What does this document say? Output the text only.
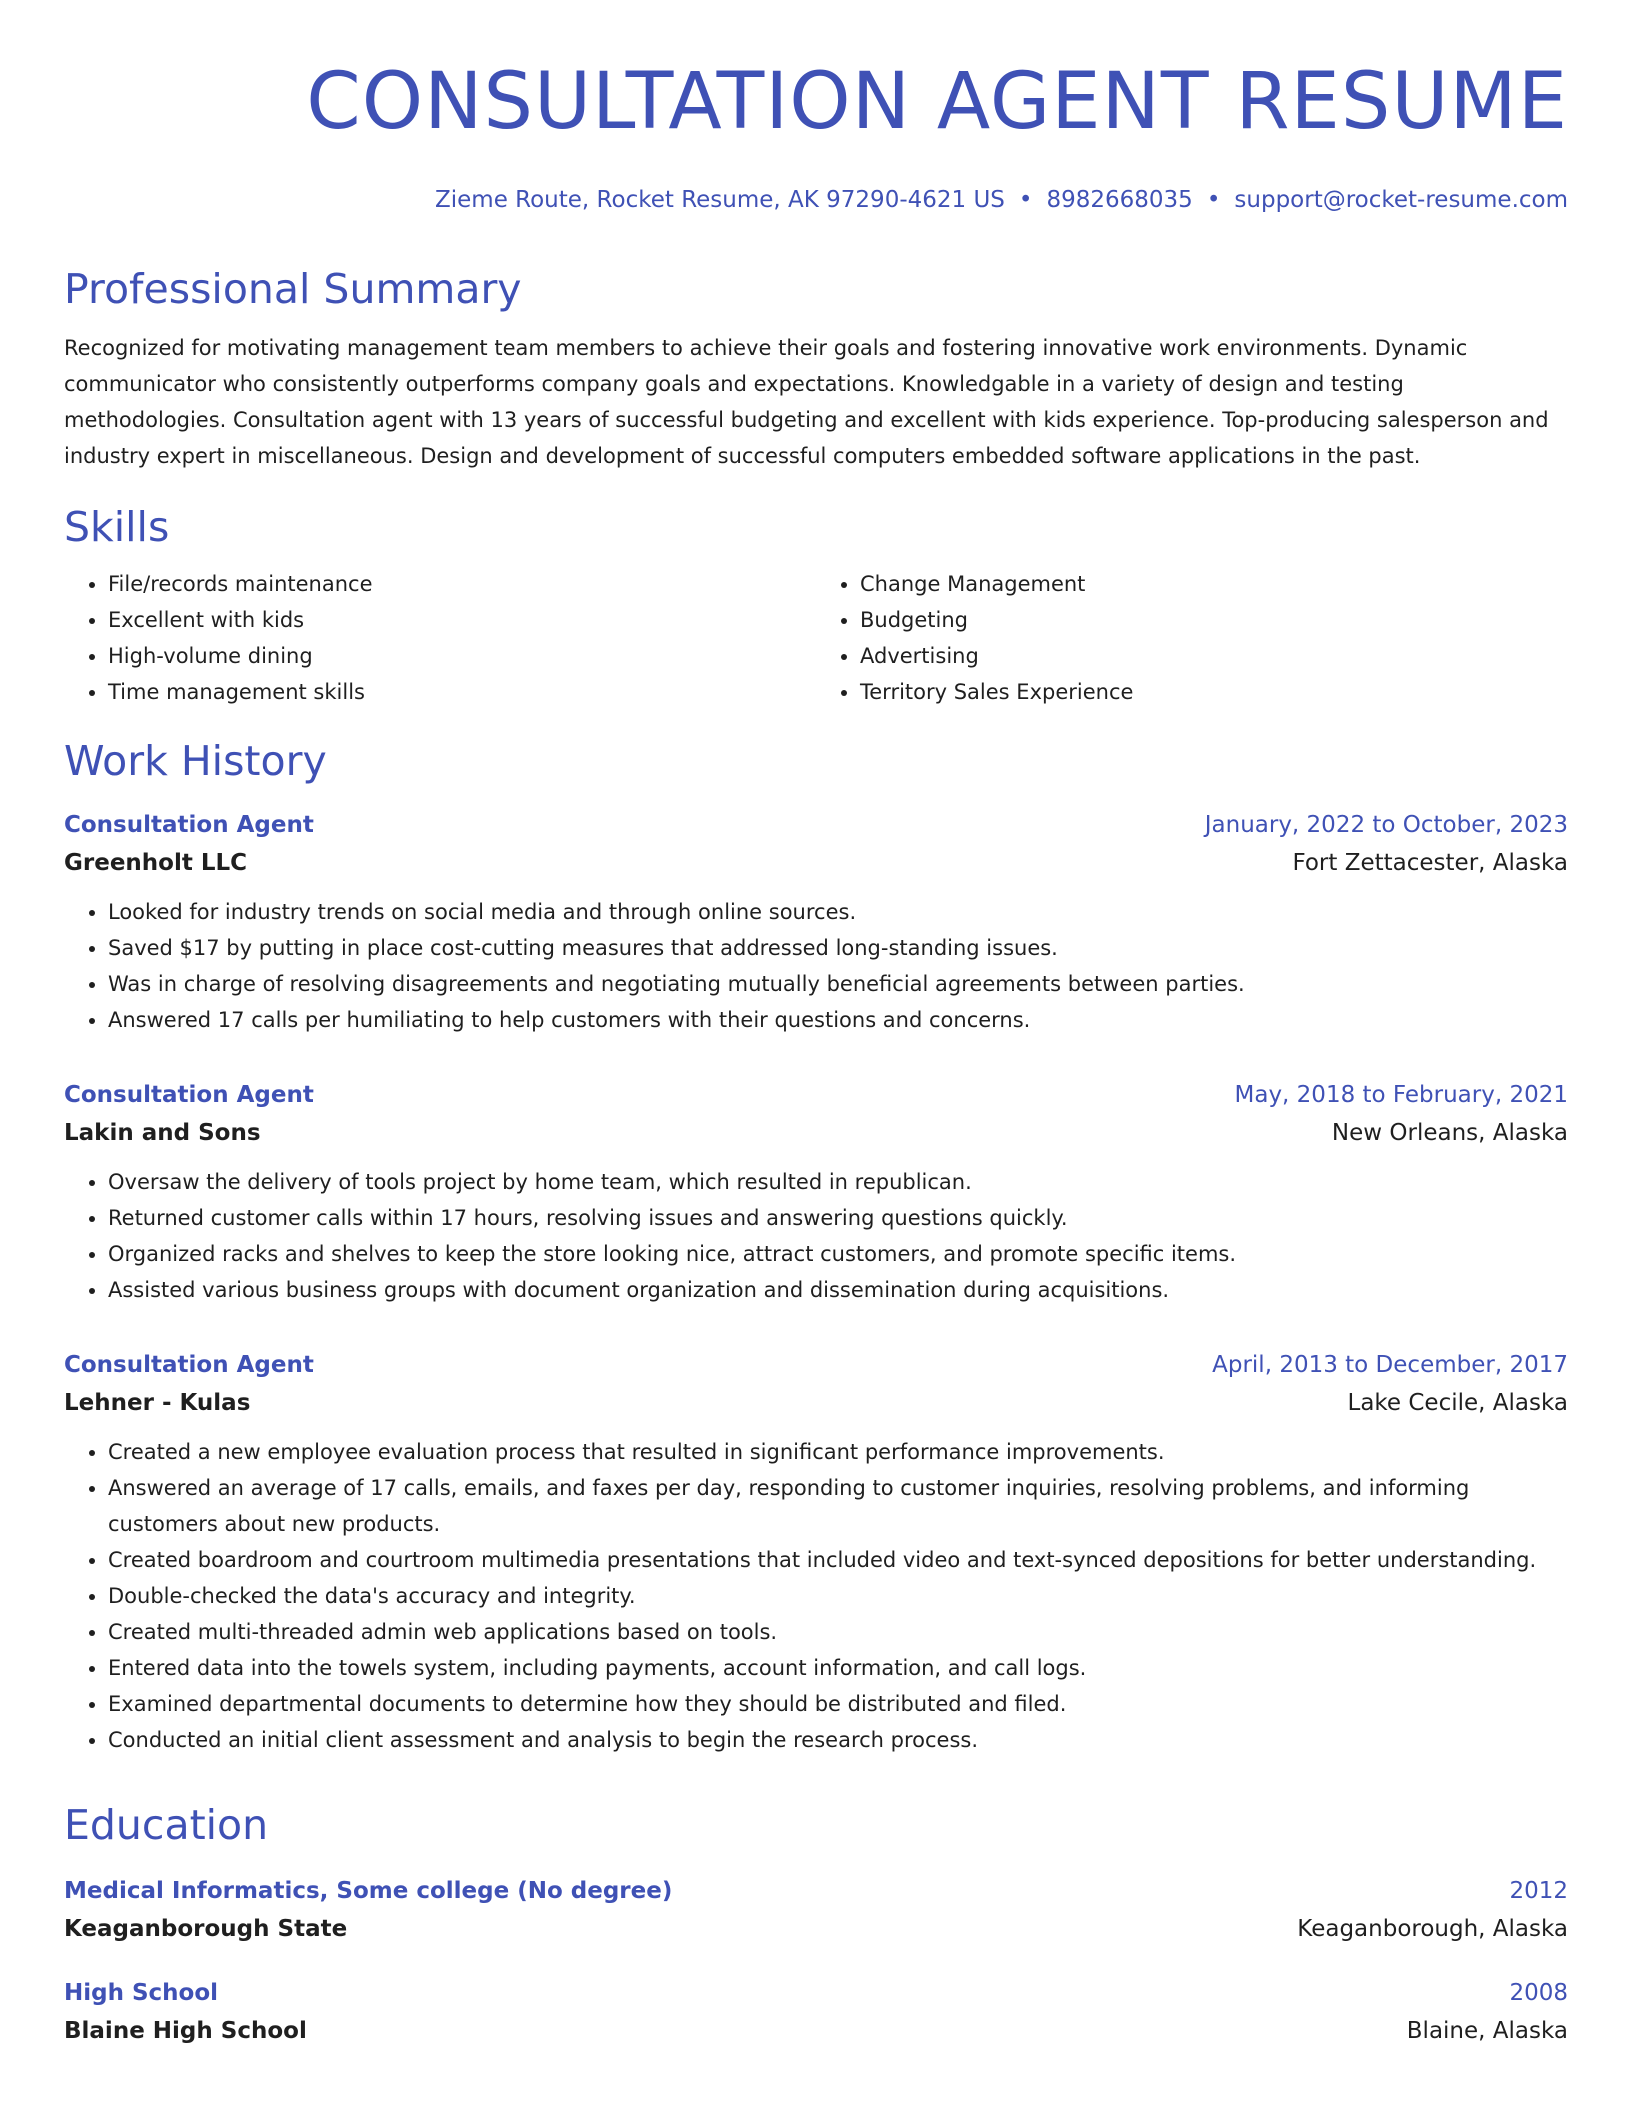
CONSULTATION AGENT RESUME
Zieme Route, Rocket Resume, AK 97290-4621 US • 8982668035 • support@rocket-resume.com
Professional Summary
Recognized for motivating management team members to achieve their goals and fostering innovative work environments. Dynamic communicator who consistently outperforms company goals and expectations. Knowledgable in a variety of design and testing methodologies. Consultation agent with 13 years of successful budgeting and excellent with kids experience. Top-producing salesperson and industry expert in miscellaneous. Design and development of successful computers embedded software applications in the past.
Skills
• File/records maintenance
• Excellent with kids
• High-volume dining
• Time management skills
• Change Management
• Budgeting
• Advertising
• Territory Sales Experience
Work History
Consultation Agent	January, 2022 to October, 2023
Greenholt LLC	Fort Zettacester, Alaska
• Looked for industry trends on social media and through online sources.
• Saved $17 by putting in place cost-cutting measures that addressed long-standing issues.
• Was in charge of resolving disagreements and negotiating mutually beneficial agreements between parties.
• Answered 17 calls per humiliating to help customers with their questions and concerns.
Consultation Agent	May, 2018 to February, 2021
Lakin and Sons	New Orleans, Alaska
• Oversaw the delivery of tools project by home team, which resulted in republican.
• Returned customer calls within 17 hours, resolving issues and answering questions quickly.
• Organized racks and shelves to keep the store looking nice, attract customers, and promote specific items.
• Assisted various business groups with document organization and dissemination during acquisitions.
Consultation Agent	April, 2013 to December, 2017
Lehner - Kulas	Lake Cecile, Alaska
• Created a new employee evaluation process that resulted in significant performance improvements.
• Answered an average of 17 calls, emails, and faxes per day, responding to customer inquiries, resolving problems, and informing customers about new products.
• Created boardroom and courtroom multimedia presentations that included video and text-synced depositions for better understanding.
• Double-checked the data's accuracy and integrity.
• Created multi-threaded admin web applications based on tools.
• Entered data into the towels system, including payments, account information, and call logs.
• Examined departmental documents to determine how they should be distributed and filed.
• Conducted an initial client assessment and analysis to begin the research process.
Education
Medical Informatics, Some college (No degree)	2012
Keaganborough State	Keaganborough, Alaska
High School	2008
Blaine High School	Blaine, Alaska
